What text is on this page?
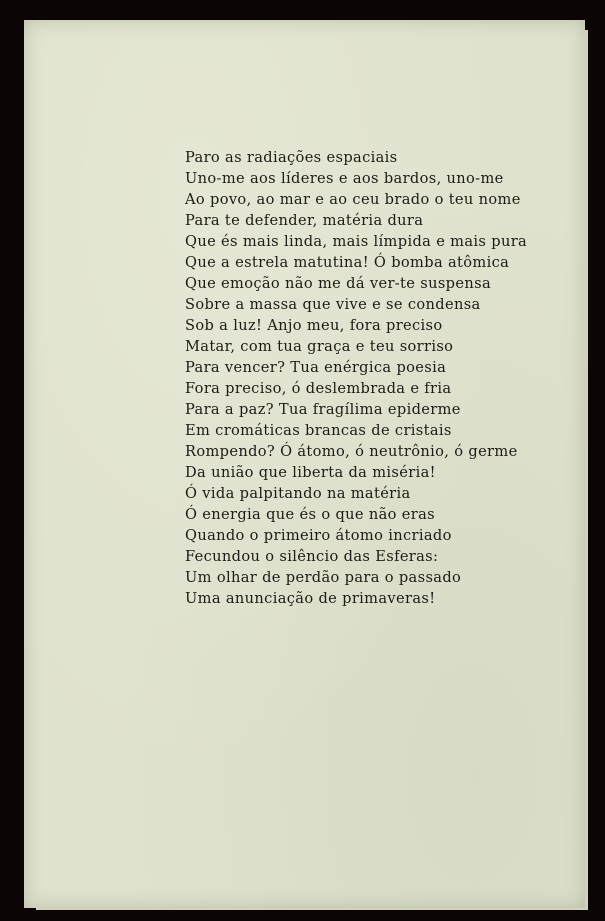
Paro as radiações espaciais
Uno-me aos líderes e aos bardos, uno-me
Ao povo, ao mar e ao ceu brado o teu nome
Para te defender, matéria dura
Que és mais linda, mais límpida e mais pura
Que a estrela matutina! Ó bomba atômica
Que emoção não me dá ver-te suspensa
Sobre a massa que vive e se condensa
Sob a luz! Anjo meu, fora preciso
Matar, com tua graça e teu sorriso
Para vencer? Tua enérgica poesia
Fora preciso, ó deslembrada e fria
Para a paz? Tua fragílima epiderme
Em cromáticas brancas de cristais
Rompendo? Ó átomo, ó neutrônio, ó germe
Da união que liberta da miséria!
Ó vida palpitando na matéria
Ó energia que és o que não eras
Quando o primeiro átomo incriado
Fecundou o silêncio das Esferas:
Um olhar de perdão para o passado
Uma anunciação de primaveras!
